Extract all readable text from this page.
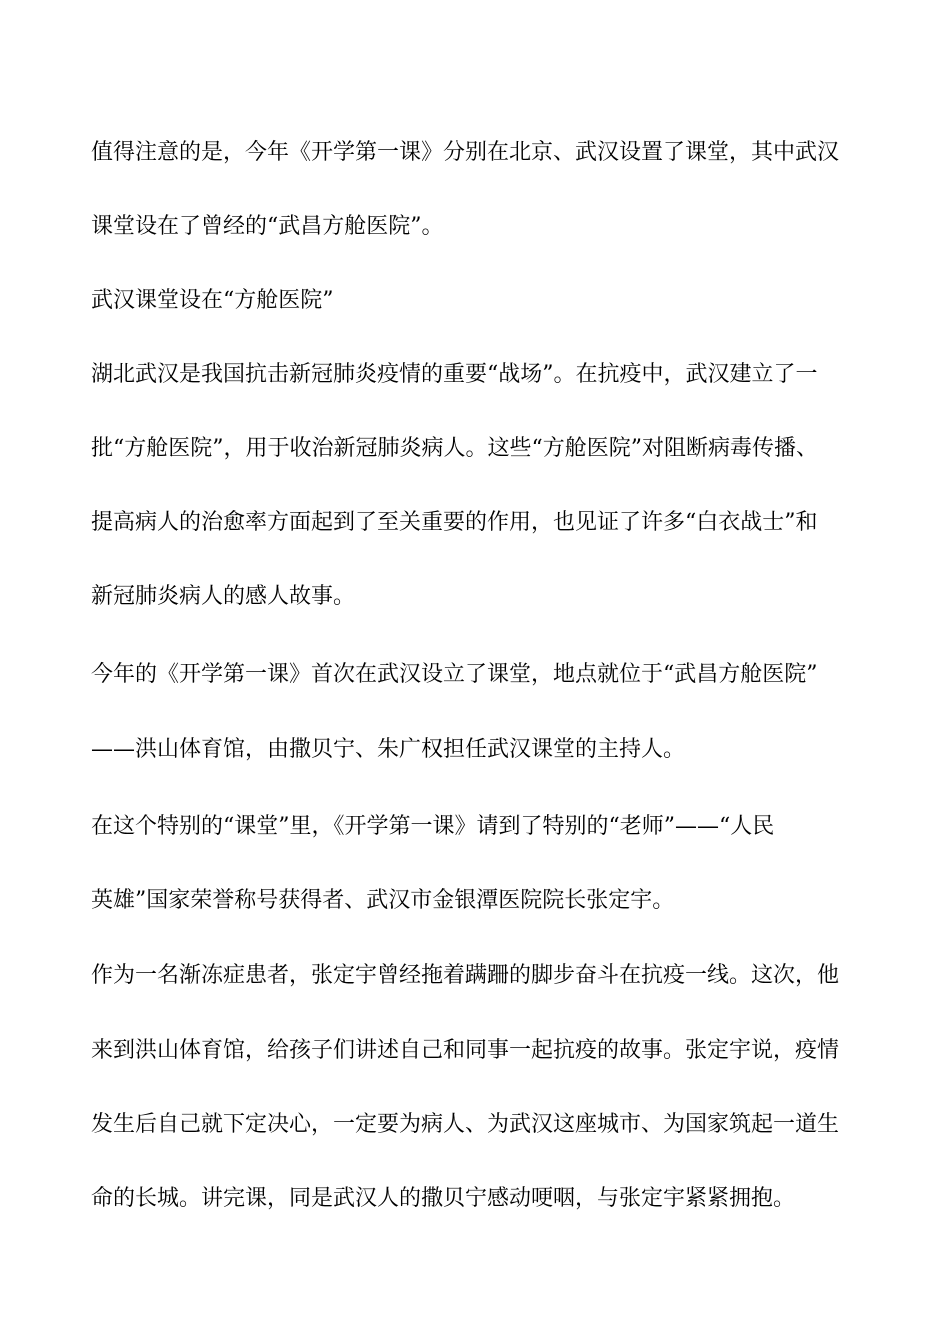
值得注意的是，今年《开学第一课》分别在北京、武汉设置了课堂，其中武汉
课堂设在了曾经的“武昌方舱医院”。
武汉课堂设在“方舱医院”
湖北武汉是我国抗击新冠肺炎疫情的重要“战场”。在抗疫中，武汉建立了一
批“方舱医院”，用于收治新冠肺炎病人。这些“方舱医院”对阻断病毒传播、
提高病人的治愈率方面起到了至关重要的作用，也见证了许多“白衣战士”和
新冠肺炎病人的感人故事。
今年的《开学第一课》首次在武汉设立了课堂，地点就位于“武昌方舱医院”
——洪山体育馆，由撒贝宁、朱广权担任武汉课堂的主持人。
在这个特别的“课堂”里，《开学第一课》请到了特别的“老师”——“人民
英雄”国家荣誉称号获得者、武汉市金银潭医院院长张定宇。
作为一名渐冻症患者，张定宇曾经拖着蹒跚的脚步奋斗在抗疫一线。这次，他
来到洪山体育馆，给孩子们讲述自己和同事一起抗疫的故事。张定宇说，疫情
发生后自己就下定决心，一定要为病人、为武汉这座城市、为国家筑起一道生
命的长城。讲完课，同是武汉人的撒贝宁感动哽咽，与张定宇紧紧拥抱。
